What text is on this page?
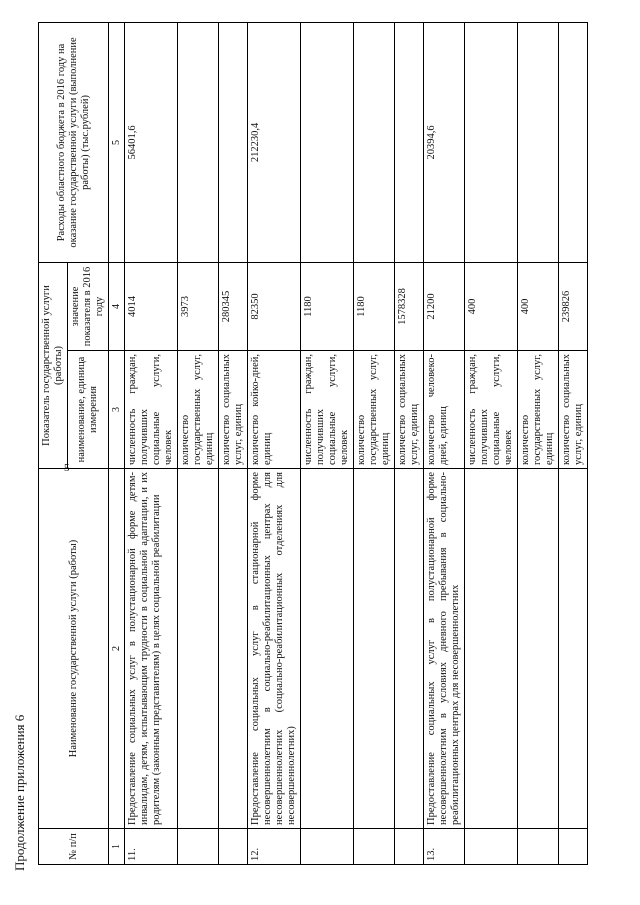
5
Продолжение приложения 6	№ п/п	Наименование государственной услуги (работы)	Показатель государственной услуги (работы)		Расходы областного бюджета в 2016 году на оказание государственной услуги (выполнение работы) (тыс.рублей)
		наименование, единица измерения	значение показателя в 2016 году	
1	2	3	4	5
11.	Предоставление социальных услуг в полустационарной форме детям-инвалидам, детям, испытывающим трудности в социальной адаптации, и их родителям (законным представителям) в целях социальной реабилитации	численность граждан, получивших социальные услуги, человек	4014	56401,6
		количество государственных услуг, единиц	3973	
		количество социальных услуг, единиц	280345	
12.	Предоставление социальных услуг в стационарной форме несовершеннолетним в социально-реабилитационных центрах для несовершеннолетних (социально-реабилитационных отделениях для несовершеннолетних)	количество койко-дней, единиц	82350	212230,4
		численность граждан, получивших социальные услуги, человек	1180	
		количество государственных услуг, единиц	1180	
		количество социальных услуг, единиц	1578328	
13.	Предоставление социальных услуг в полустационарной форме несовершеннолетним в условиях дневного пребывания в социально-реабилитационных центрах для несовершеннолетних	количество человеко-дней, единиц	21200	20394,6
		численность граждан, получивших социальные услуги, человек	400	
		количество государственных услуг, единиц	400	
		количество социальных услуг, единиц	239826	
